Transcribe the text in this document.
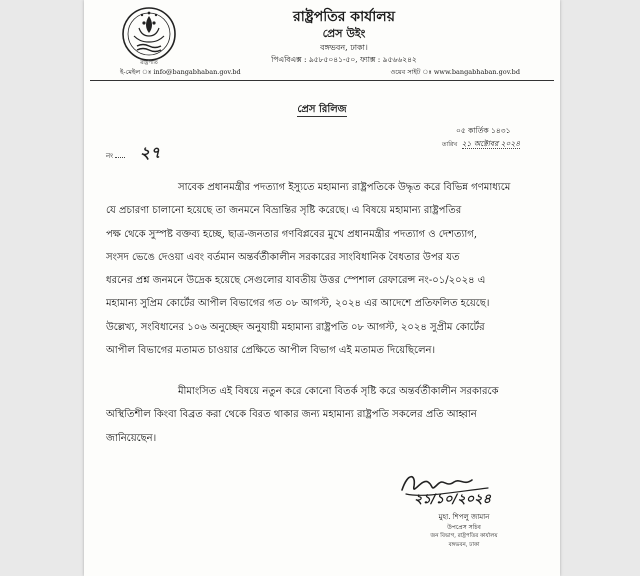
রাষ্ট্রপতি
রাষ্ট্রপতির কার্যালয়
প্রেস উইং
বঙ্গভবন, ঢাকা।
পিএবিএক্স : ৯৫৮৫০৪১-৫০, ফ্যাক্স : ৯৫৬৬২৪২
ই-মেইল ঃ info@bangabhaban.gov.bd	ওয়েব সাইট ঃ www.bangabhaban.gov.bd
প্রেস রিলিজ
নং ২৭
০৫ কার্তিক ১৪৩১
তারিখ ২১ অক্টোবর ২০২৪
সাবেক প্রধানমন্ত্রীর পদত্যাগ ইস্যুতে মহামান্য রাষ্ট্রপতিকে উদ্ধৃত করে বিভিন্ন গণমাধ্যমে
যে প্রচারণা চালানো হয়েছে তা জনমনে বিভ্রান্তির সৃষ্টি করেছে। এ বিষয়ে মহামান্য রাষ্ট্রপতির
পক্ষ থেকে সুস্পষ্ট বক্তব্য হচ্ছে, ছাত্র-জনতার গণবিপ্লবের মুখে প্রধানমন্ত্রীর পদত্যাগ ও দেশত্যাগ,
সংসদ ভেঙে দেওয়া এবং বর্তমান অন্তর্বর্তীকালীন সরকারের সাংবিধানিক বৈধতার উপর যত
ধরনের প্রশ্ন জনমনে উদ্রেক হয়েছে সেগুলোর যাবতীয় উত্তর স্পেশাল রেফারেন্স নং-০১/২০২৪ এ
মহামান্য সুপ্রিম কোর্টের আপীল বিভাগের গত ০৮ আগস্ট, ২০২৪ এর আদেশে প্রতিফলিত হয়েছে।
উল্লেখ্য, সংবিধানের ১০৬ অনুচ্ছেদ অনুযায়ী মহামান্য রাষ্ট্রপতি ০৮ আগস্ট, ২০২৪ সুপ্রীম কোর্টের
আপীল বিভাগের মতামত চাওয়ার প্রেক্ষিতে আপীল বিভাগ এই মতামত দিয়েছিলেন।
মীমাংসিত এই বিষয়ে নতুন করে কোনো বিতর্ক সৃষ্টি করে অন্তর্বর্তীকালীন সরকারকে
অস্থিতিশীল কিংবা বিব্রত করা থেকে বিরত থাকার জন্য মহামান্য রাষ্ট্রপতি সকলের প্রতি আহ্বান
জানিয়েছেন।
২১/১০/২০২৪
মুহা. শিপলু জামান
উপপ্রেস সচিব
জন বিভাগ, রাষ্ট্রপতির কার্যালয়
বঙ্গভবন, ঢাকা
